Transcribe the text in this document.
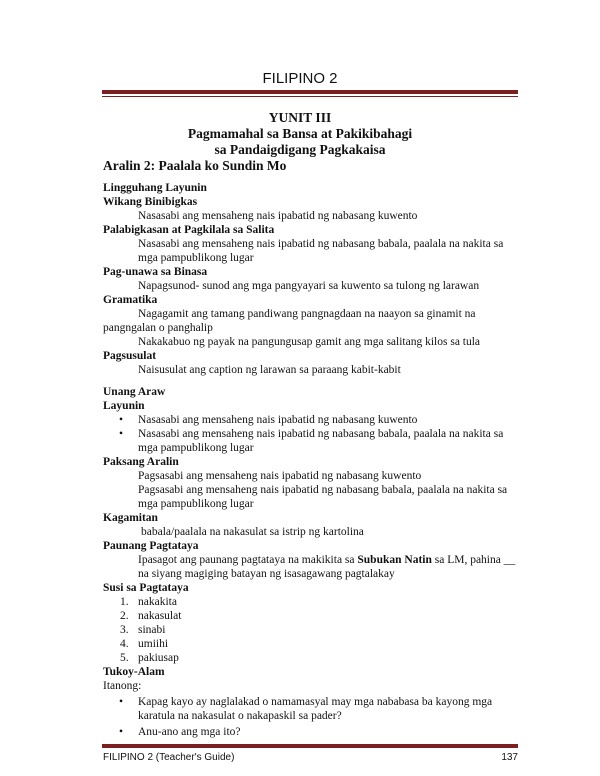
FILIPINO 2
YUNIT III
Pagmamahal sa Bansa at Pakikibahagi
sa Pandaigdigang Pagkakaisa
Aralin 2: Paalala ko Sundin Mo
Lingguhang Layunin
Wikang Binibigkas
Nasasabi ang mensaheng nais ipabatid ng nabasang kuwento
Palabigkasan at Pagkilala sa Salita
Nasasabi ang mensaheng nais ipabatid ng nabasang babala, paalala na nakita sa
mga pampublikong lugar
Pag-unawa sa Binasa
Napagsunod- sunod ang mga pangyayari sa kuwento sa tulong ng larawan
Gramatika
Nagagamit ang tamang pandiwang pangnagdaan na naayon sa ginamit na
pangngalan o panghalip
Nakakabuo ng payak na pangungusap gamit ang mga salitang kilos sa tula
Pagsusulat
Naisusulat ang caption ng larawan sa paraang kabit-kabit
Unang Araw
Layunin
• Nasasabi ang mensaheng nais ipabatid ng nabasang kuwento
• Nasasabi ang mensaheng nais ipabatid ng nabasang babala, paalala na nakita sa
mga pampublikong lugar
Paksang Aralin
Pagsasabi ang mensaheng nais ipabatid ng nabasang kuwento
Pagsasabi ang mensaheng nais ipabatid ng nabasang babala, paalala na nakita sa
mga pampublikong lugar
Kagamitan
babala/paalala na nakasulat sa istrip ng kartolina
Paunang Pagtataya
Ipasagot ang paunang pagtataya na makikita sa Subukan Natin sa LM, pahina __
na siyang magiging batayan ng isasagawang pagtalakay
Susi sa Pagtataya
1. nakakita
2. nakasulat
3. sinabi
4. umiihi
5. pakiusap
Tukoy-Alam
Itanong:
• Kapag kayo ay naglalakad o namamasyal may mga nababasa ba kayong mga
karatula na nakasulat o nakapaskil sa pader?
• Anu-ano ang mga ito?
FILIPINO 2 (Teacher's Guide)	137
